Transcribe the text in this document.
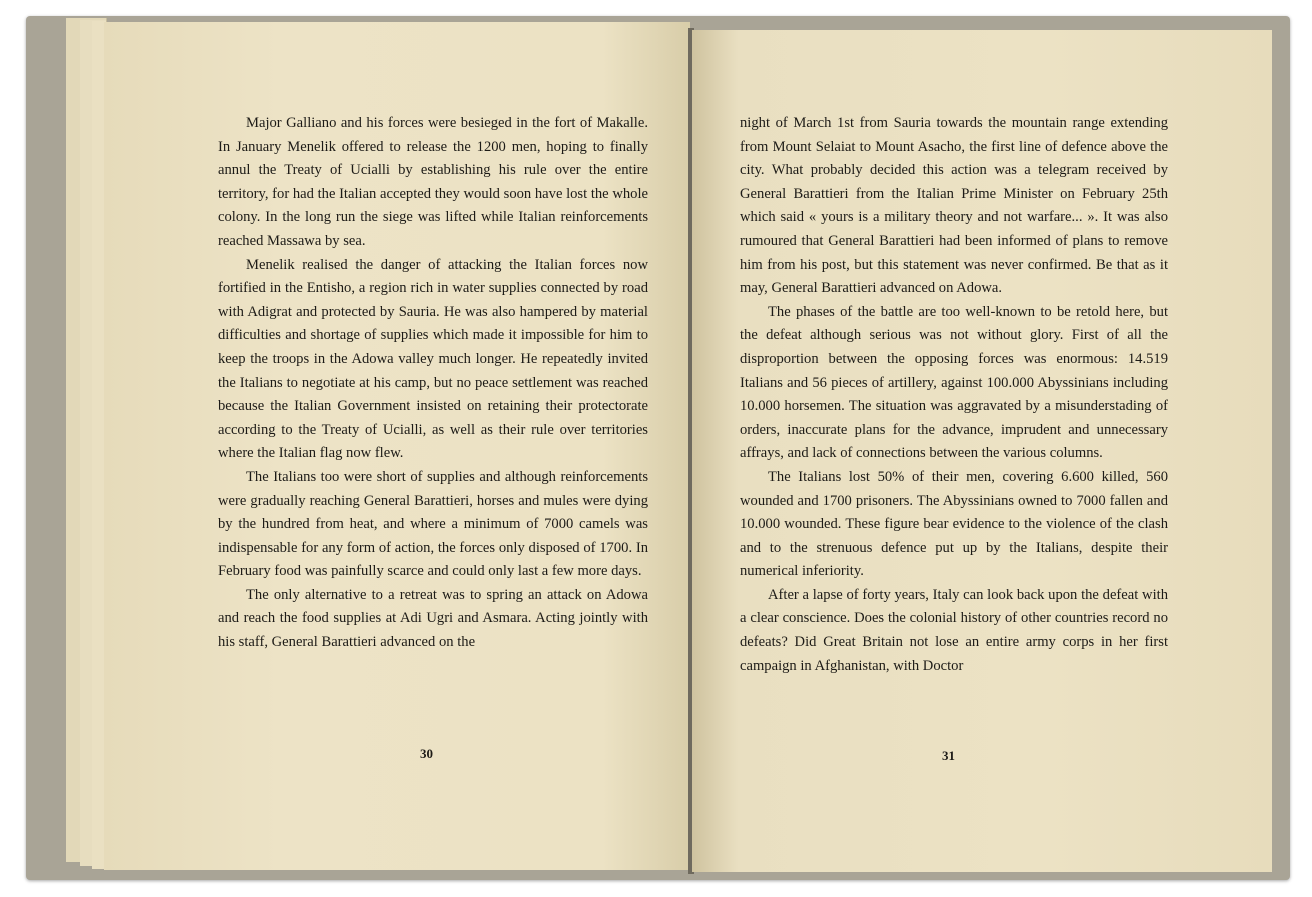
Major Galliano and his forces were besieged in the fort of Makalle. In January Menelik offered to release the 1200 men, hoping to finally annul the Treaty of Ucialli by establishing his rule over the entire territory, for had the Italian accepted they would soon have lost the whole colony. In the long run the siege was lifted while Italian reinforcements reached Massawa by sea.

Menelik realised the danger of attacking the Italian forces now fortified in the Entisho, a region rich in water supplies connected by road with Adigrat and protected by Sauria. He was also hampered by material difficulties and shortage of supplies which made it impossible for him to keep the troops in the Adowa valley much longer. He repeatedly invited the Italians to negotiate at his camp, but no peace settlement was reached because the Italian Government insisted on retaining their protectorate according to the Treaty of Ucialli, as well as their rule over territories where the Italian flag now flew.

The Italians too were short of supplies and although reinforcements were gradually reaching General Barattieri, horses and mules were dying by the hundred from heat, and where a minimum of 7000 camels was indispensable for any form of action, the forces only disposed of 1700. In February food was painfully scarce and could only last a few more days.

The only alternative to a retreat was to spring an attack on Adowa and reach the food supplies at Adi Ugri and Asmara. Acting jointly with his staff, General Barattieri advanced on the

30

night of March 1st from Sauria towards the mountain range extending from Mount Selaiat to Mount Asacho, the first line of defence above the city. What probably decided this action was a telegram received by General Barattieri from the Italian Prime Minister on February 25th which said « yours is a military theory and not warfare... ». It was also rumoured that General Barattieri had been informed of plans to remove him from his post, but this statement was never confirmed. Be that as it may, General Barattieri advanced on Adowa.

The phases of the battle are too well-known to be retold here, but the defeat although serious was not without glory. First of all the disproportion between the opposing forces was enormous: 14.519 Italians and 56 pieces of artillery, against 100.000 Abyssinians including 10.000 horsemen. The situation was aggravated by a misunderstading of orders, inaccurate plans for the advance, imprudent and unnecessary affrays, and lack of connections between the various columns.

The Italians lost 50% of their men, covering 6.600 killed, 560 wounded and 1700 prisoners. The Abyssinians owned to 7000 fallen and 10.000 wounded. These figure bear evidence to the violence of the clash and to the strenuous defence put up by the Italians, despite their numerical inferiority.

After a lapse of forty years, Italy can look back upon the defeat with a clear conscience. Does the colonial history of other countries record no defeats? Did Great Britain not lose an entire army corps in her first campaign in Afghanistan, with Doctor

31
